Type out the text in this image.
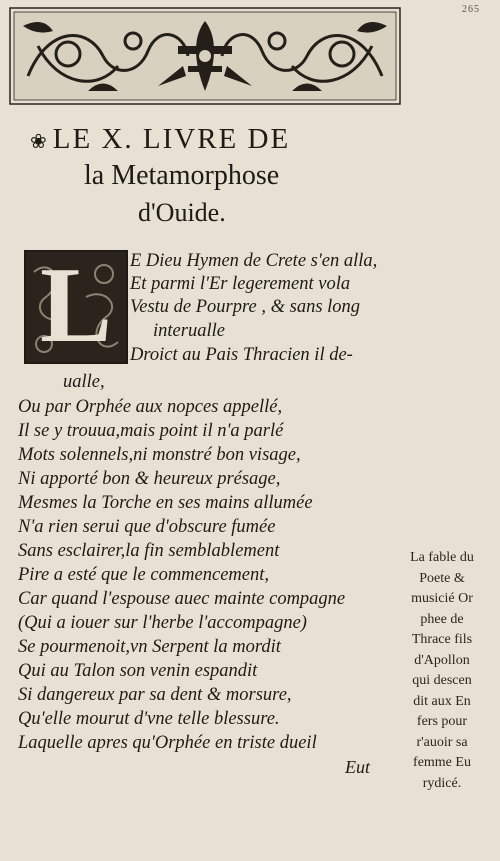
265
❀ LE X. LIVRE DE
la Metamorphose
d'Ouide.
L E Dieu Hymen de Crete s'en alla,
Et parmi l'Er legerement vola
Vestu de Pourpre , & sans long
interualle
Droict au Pais Thracien il de-
ualle,
Ou par Orphée aux nopces appellé,
Il se y trouua,mais point il n'a parlé
Mots solennels,ni monstré bon visage,
Ni apporté bon & heureux présage,
Mesmes la Torche en ses mains allumée
N'a rien serui que d'obscure fumée
Sans esclairer,la fin semblablement
Pire a esté que le commencement,
Car quand l'espouse auec mainte compagne
(Qui a iouer sur l'herbe l'accompagne)
Se pourmenoit,vn Serpent la mordit
Qui au Talon son venin espandit
Si dangereux par sa dent & morsure,
Qu'elle mourut d'vne telle blessure.
Laquelle apres qu'Orphée en triste dueil
Eut
La fable du
Poete &
musicié Or
phee de
Thrace fils
d'Apollon
qui descen
dit aux En
fers pour
r'auoir sa
femme Eu
rydicé.
